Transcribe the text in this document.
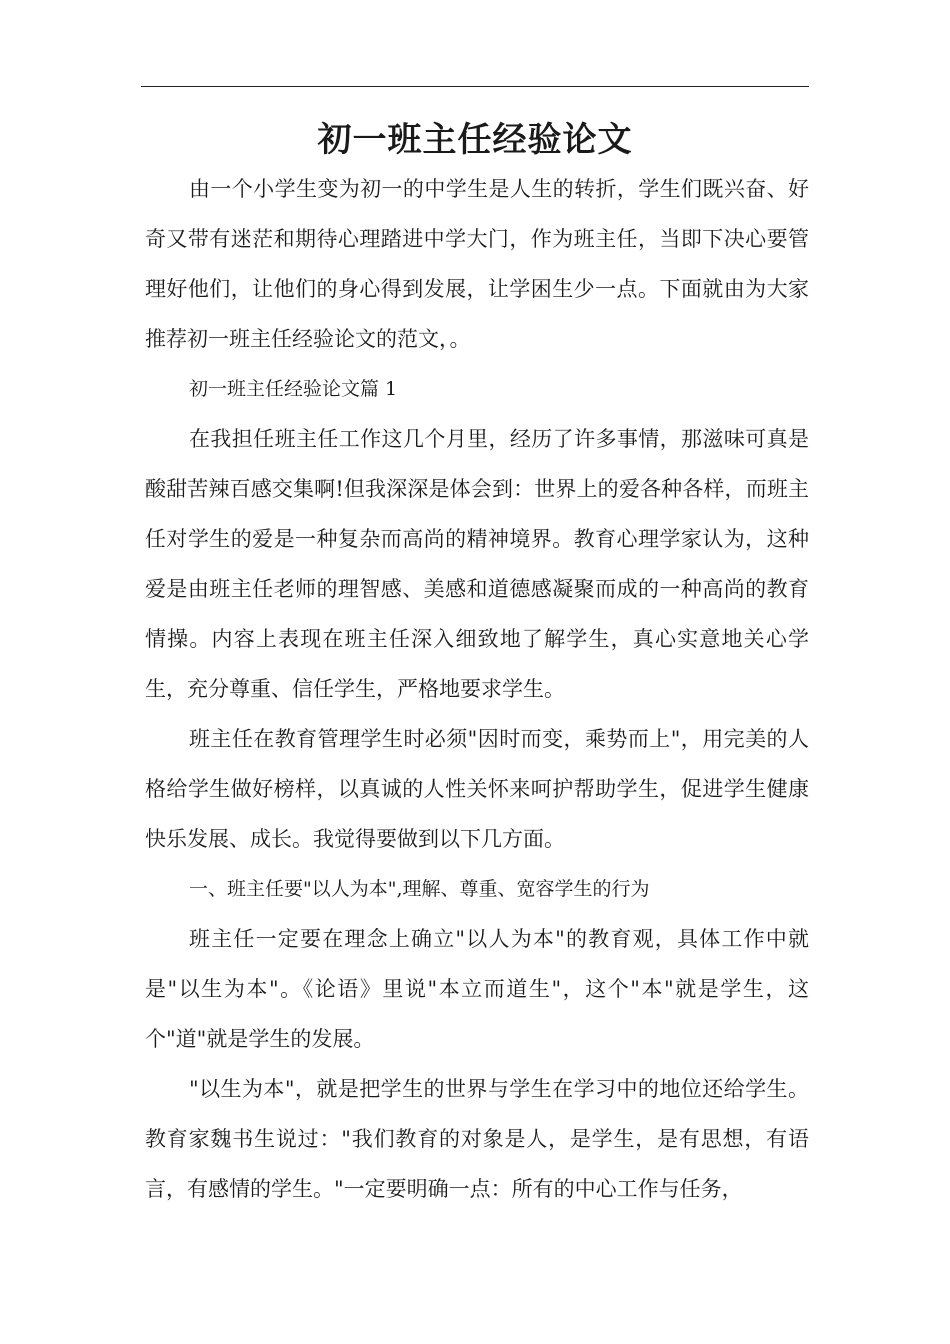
初一班主任经验论文

由一个小学生变为初一的中学生是人生的转折，学生们既兴奋、好奇又带有迷茫和期待心理踏进中学大门，作为班主任，当即下决心要管理好他们，让他们的身心得到发展，让学困生少一点。下面就由为大家推荐初一班主任经验论文的范文，。

初一班主任经验论文篇 1

在我担任班主任工作这几个月里，经历了许多事情，那滋味可真是酸甜苦辣百感交集啊!但我深深是体会到：世界上的爱各种各样，而班主任对学生的爱是一种复杂而高尚的精神境界。教育心理学家认为，这种爱是由班主任老师的理智感、美感和道德感凝聚而成的一种高尚的教育情操。内容上表现在班主任深入细致地了解学生，真心实意地关心学生，充分尊重、信任学生，严格地要求学生。

班主任在教育管理学生时必须"因时而变，乘势而上"，用完美的人格给学生做好榜样，以真诚的人性关怀来呵护帮助学生，促进学生健康快乐发展、成长。我觉得要做到以下几方面。

一、班主任要"以人为本",理解、尊重、宽容学生的行为

班主任一定要在理念上确立"以人为本"的教育观，具体工作中就是"以生为本"。《论语》里说"本立而道生"，这个"本"就是学生，这个"道"就是学生的发展。

"以生为本"，就是把学生的世界与学生在学习中的地位还给学生。教育家魏书生说过："我们教育的对象是人，是学生，是有思想，有语言，有感情的学生。"一定要明确一点：所有的中心工作与任务，
